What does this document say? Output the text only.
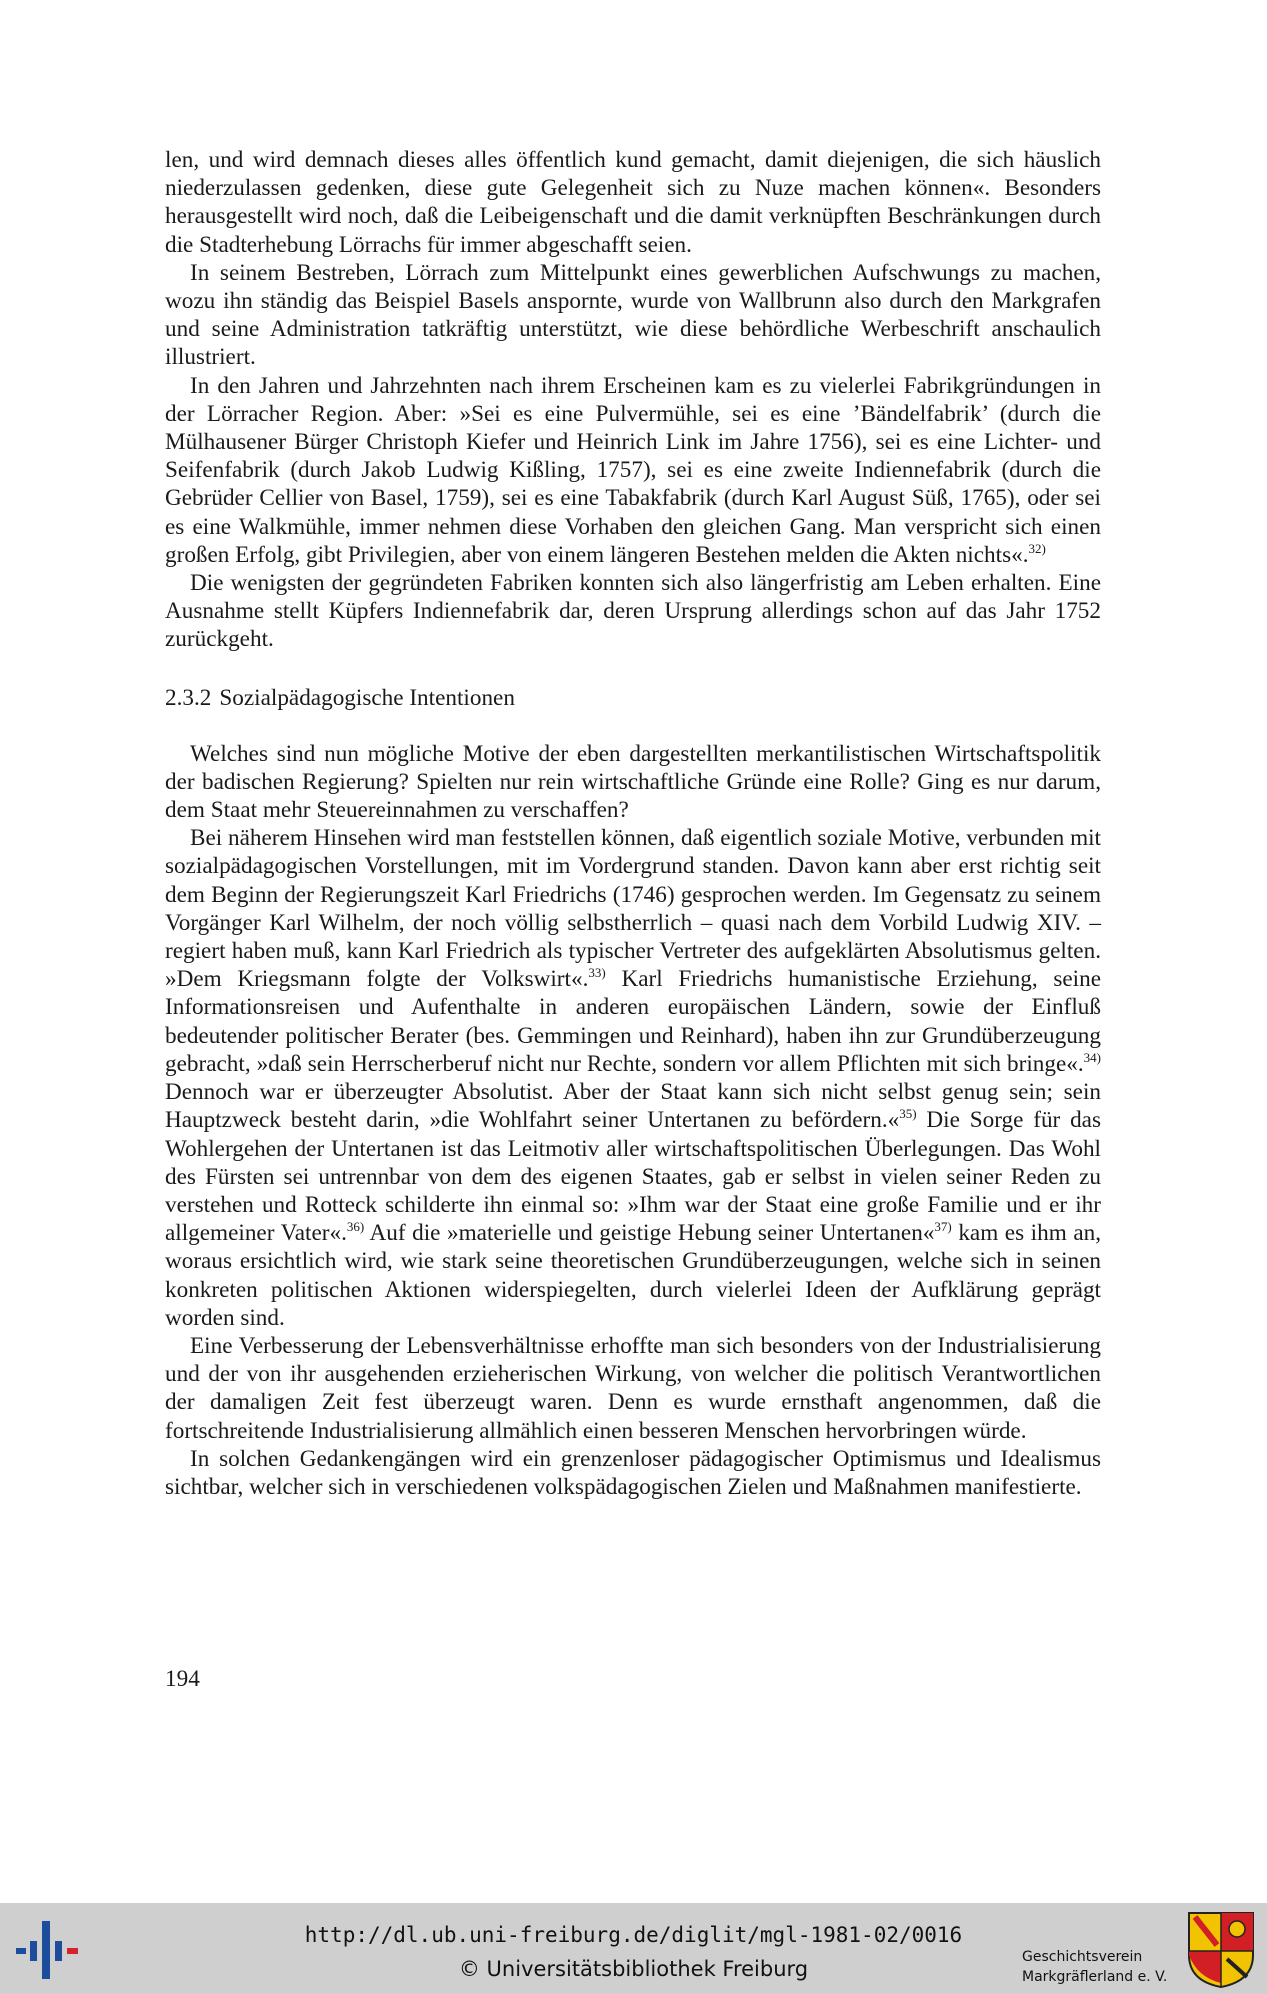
len, und wird demnach dieses alles öffentlich kund gemacht, damit diejenigen, die sich häuslich niederzulassen gedenken, diese gute Gelegenheit sich zu Nuze machen können«. Besonders herausgestellt wird noch, daß die Leibeigenschaft und die damit verknüpften Beschränkungen durch die Stadterhebung Lörrachs für immer abgeschafft seien.

In seinem Bestreben, Lörrach zum Mittelpunkt eines gewerblichen Aufschwungs zu machen, wozu ihn ständig das Beispiel Basels anspornte, wurde von Wallbrunn also durch den Markgrafen und seine Administration tatkräftig unterstützt, wie diese behördliche Werbeschrift anschaulich illustriert.

In den Jahren und Jahrzehnten nach ihrem Erscheinen kam es zu vielerlei Fabrikgründungen in der Lörracher Region. Aber: »Sei es eine Pulvermühle, sei es eine ’Bändelfabrik’ (durch die Mülhausener Bürger Christoph Kiefer und Heinrich Link im Jahre 1756), sei es eine Lichter- und Seifenfabrik (durch Jakob Ludwig Kißling, 1757), sei es eine zweite Indiennefabrik (durch die Gebrüder Cellier von Basel, 1759), sei es eine Tabakfabrik (durch Karl August Süß, 1765), oder sei es eine Walkmühle, immer nehmen diese Vorhaben den gleichen Gang. Man verspricht sich einen großen Erfolg, gibt Privilegien, aber von einem längeren Bestehen melden die Akten nichts«.$^{32)}$

Die wenigsten der gegründeten Fabriken konnten sich also längerfristig am Leben erhalten. Eine Ausnahme stellt Küpfers Indiennefabrik dar, deren Ursprung allerdings schon auf das Jahr 1752 zurückgeht.

2.3.2 Sozialpädagogische Intentionen

Welches sind nun mögliche Motive der eben dargestellten merkantilistischen Wirtschaftspolitik der badischen Regierung? Spielten nur rein wirtschaftliche Gründe eine Rolle? Ging es nur darum, dem Staat mehr Steuereinnahmen zu verschaffen?

Bei näherem Hinsehen wird man feststellen können, daß eigentlich soziale Motive, verbunden mit sozialpädagogischen Vorstellungen, mit im Vordergrund standen. Davon kann aber erst richtig seit dem Beginn der Regierungszeit Karl Friedrichs (1746) gesprochen werden. Im Gegensatz zu seinem Vorgänger Karl Wilhelm, der noch völlig selbstherrlich – quasi nach dem Vorbild Ludwig XIV. – regiert haben muß, kann Karl Friedrich als typischer Vertreter des aufgeklärten Absolutismus gelten. »Dem Kriegsmann folgte der Volkswirt«.$^{33)}$ Karl Friedrichs humanistische Erziehung, seine Informationsreisen und Aufenthalte in anderen europäischen Ländern, sowie der Einfluß bedeutender politischer Berater (bes. Gemmingen und Reinhard), haben ihn zur Grundüberzeugung gebracht, »daß sein Herrscherberuf nicht nur Rechte, sondern vor allem Pflichten mit sich bringe«.$^{34)}$ Dennoch war er überzeugter Absolutist. Aber der Staat kann sich nicht selbst genug sein; sein Hauptzweck besteht darin, »die Wohlfahrt seiner Untertanen zu befördern.«$^{35)}$ Die Sorge für das Wohlergehen der Untertanen ist das Leitmotiv aller wirtschaftspolitischen Überlegungen. Das Wohl des Fürsten sei untrennbar von dem des eigenen Staates, gab er selbst in vielen seiner Reden zu verstehen und Rotteck schilderte ihn einmal so: »Ihm war der Staat eine große Familie und er ihr allgemeiner Vater«.$^{36)}$ Auf die »materielle und geistige Hebung seiner Untertanen«$^{37)}$ kam es ihm an, woraus ersichtlich wird, wie stark seine theoretischen Grundüberzeugungen, welche sich in seinen konkreten politischen Aktionen widerspiegelten, durch vielerlei Ideen der Aufklärung geprägt worden sind.

Eine Verbesserung der Lebensverhältnisse erhoffte man sich besonders von der Industrialisierung und der von ihr ausgehenden erzieherischen Wirkung, von welcher die politisch Verantwortlichen der damaligen Zeit fest überzeugt waren. Denn es wurde ernsthaft angenommen, daß die fortschreitende Industrialisierung allmählich einen besseren Menschen hervorbringen würde.

In solchen Gedankengängen wird ein grenzenloser pädagogischer Optimismus und Idealismus sichtbar, welcher sich in verschiedenen volkspädagogischen Zielen und Maßnahmen manifestierte.

194
http://dl.ub.uni-freiburg.de/diglit/mgl-1981-02/0016
© Universitätsbibliothek Freiburg	Geschichtsverein
Markgräflerland e. V.
